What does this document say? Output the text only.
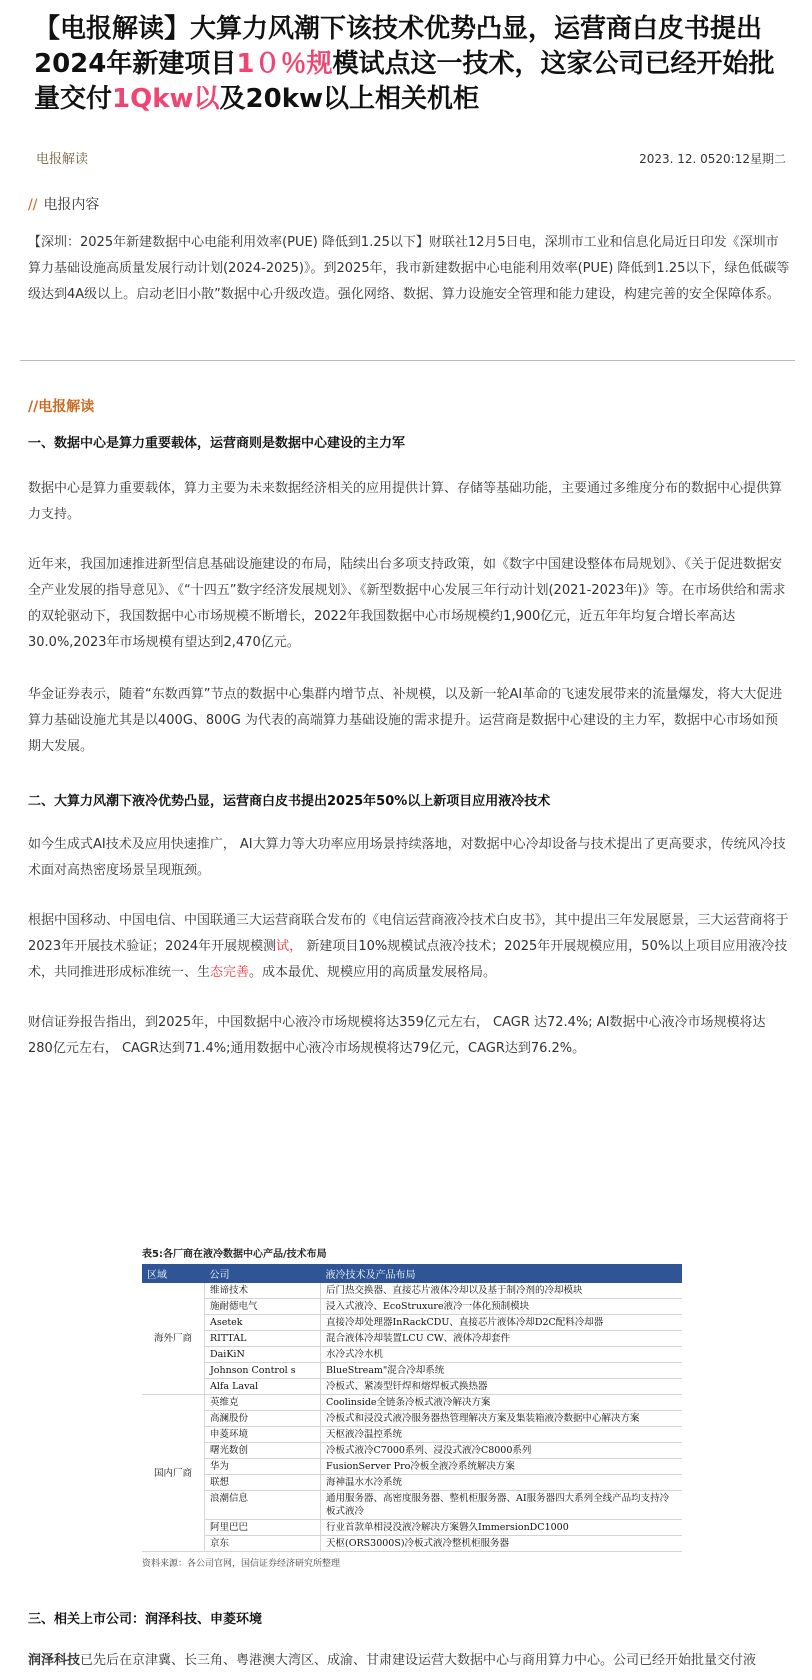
【电报解读】大算力风潮下该技术优势凸显，运营商白皮书提出2024年新建项目1０％规模试点这一技术，这家公司已经开始批量交付1Qkw以及20kw以上相关机柜
电报解读	2023. 12. 0520:12星期二
// 电报内容
【深圳：2025年新建数据中心电能利用效率(PUE) 降低到1.25以下】财联社12月5日电，深圳市工业和信息化局近日印发《深圳市算力基础设施高质量发展行动计划(2024-2025)》。到2025年，我市新建数据中心电能利用效率(PUE) 降低到1.25以下，绿色低碳等级达到4A级以上。启动老旧小散”数据中心升级改造。强化网络、数据、算力设施安全管理和能力建设，构建完善的安全保障体系。
//电报解读
一、数据中心是算力重要载体，运营商则是数据中心建设的主力军
数据中心是算力重要载体，算力主要为未来数据经济相关的应用提供计算、存储等基础功能，主要通过多维度分布的数据中心提供算力支持。
近年来，我国加速推进新型信息基础设施建设的布局，陆续出台多项支持政策，如《数字中国建设整体布局规划》、《关于促进数据安全产业发展的指导意见》、《“十四五”数字经济发展规划》、《新型数据中心发展三年行动计划(2021-2023年)》等。在市场供给和需求的双轮驱动下，我国数据中心市场规模不断增长，2022年我国数据中心市场规模约1,900亿元，近五年年均复合增长率高达30.0%,2023年市场规模有望达到2,470亿元。
华金证券表示，随着“东数西算”节点的数据中心集群内增节点、补规模，以及新一轮AI革命的飞速发展带来的流量爆发，将大大促进算力基础设施尤其是以400G、800G 为代表的高端算力基础设施的需求提升。运营商是数据中心建设的主力军，数据中心市场如预期大发展。
二、大算力风潮下液冷优势凸显，运营商白皮书提出2025年50%以上新项目应用液冷技术
如今生成式AI技术及应用快速推广， AI大算力等大功率应用场景持续落地，对数据中心冷却设备与技术提出了更高要求，传统风冷技术面对高热密度场景呈现瓶颈。
根据中国移动、中国电信、中国联通三大运营商联合发布的《电信运营商液冷技术白皮书》，其中提出三年发展愿景，三大运营商将于2023年开展技术验证；2024年开展规模测试， 新建项目10%规模试点液冷技术；2025年开展规模应用，50%以上项目应用液冷技术，共同推进形成标准统一、生态完善。成本最优、规模应用的高质量发展格局。
财信证券报告指出，到2025年，中国数据中心液冷市场规模将达359亿元左右， CAGR 达72.4%; AI数据中心液冷市场规模将达280亿元左右， CAGR达到71.4%;通用数据中心液冷市场规模将达79亿元，CAGR达到76.2%。
表5:各厂商在液冷数据中心产品/技术布局
区域	公司	液冷技术及产品布局
海外厂商	维谛技术	后门热交换器、直接芯片液体冷却以及基于制冷剂的冷却模块
	施耐德电气	浸入式液冷、EcoStruxure液冷一体化预制模块
	Asetek	直接冷却处理器InRackCDU、直接芯片液体冷却D2C配料冷却器
	RITTAL	混合液体冷却装置LCU CW、液体冷却套件
	DaiKiN	水冷式冷水机
	Johnson Control s	BlueStream"混合冷却系统
	Alfa Laval	冷板式、紧凑型钎焊和熔焊板式换热器
国内厂商	英维克	Coolinside全链条冷板式液冷解决方案
	高澜股份	冷板式和浸没式液冷服务器热管理解决方案及集装箱液冷数据中心解决方案
	申菱环境	天枢液冷温控系统
	曙光数创	冷板式液冷C7000系列、浸没式液冷C8000系列
	华为	FusionServer Pro冷板全液冷系统解决方案
	联想	海神温水水冷系统
	浪潮信息	通用服务器、高密度服务器、整机柜服务器、AI服务器四大系列全线产品均支持冷板式液冷
	阿里巴巴	行业首款单相浸没液冷解决方案磐久ImmersionDC1000
	京东	天枢(ORS3000S)冷板式液冷整机柜服务器
资料来源：各公司官网，国信证券经济研究所整理
三、相关上市公司：润泽科技、申菱环境
润泽科技已先后在京津冀、长三角、粤港澳大湾区、成渝、甘肃建设运营大数据中心与商用算力中心。公司已经开始批量交付液
